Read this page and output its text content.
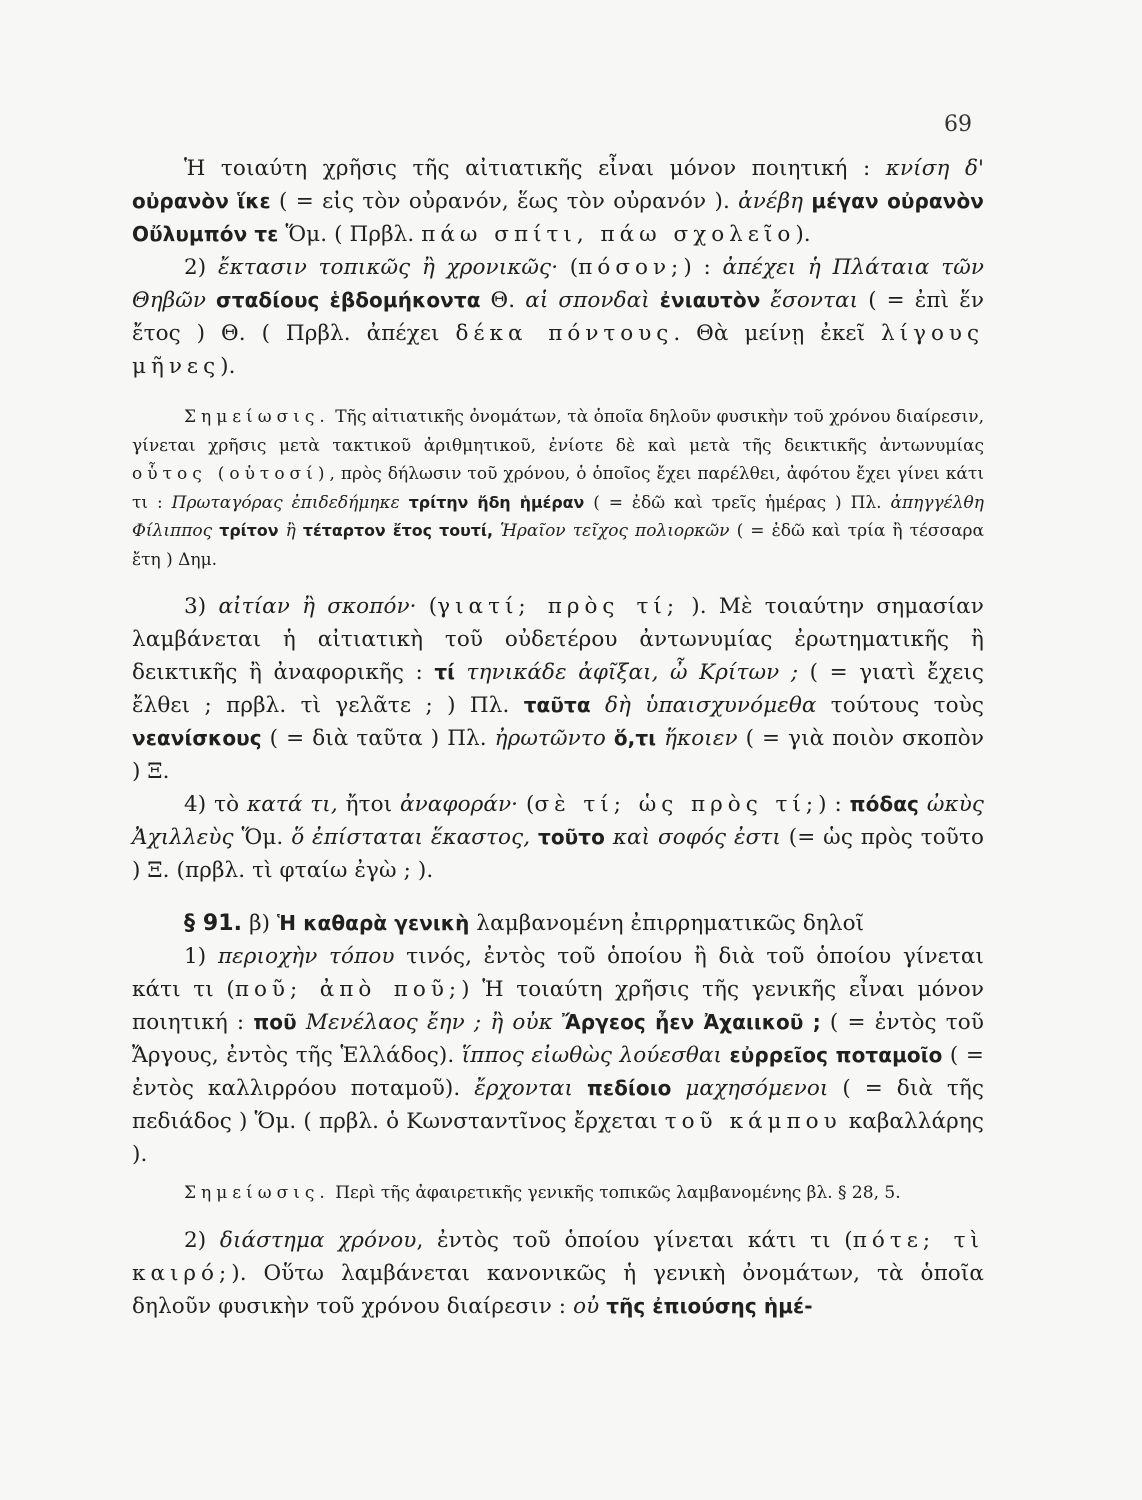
69

Ἡ τοιαύτη χρῆσις τῆς αἰτιατικῆς εἶναι μόνον ποιητική : κνίση δ' οὐρανὸν ἵκε ( = εἰς τὸν οὐρανόν, ἕως τὸν οὐρανόν ). ἀνέβη μέγαν οὐρανὸν Οὔλυμπόν τε Ὅμ. ( Πρβλ. πάω σπίτι, πάω σχολεῖο).

2) ἔκτασιν τοπικῶς ἢ χρονικῶς· (πόσον;) : ἀπέχει ἡ Πλάταια τῶν Θηβῶν σταδίους ἑβδομήκοντα Θ. αἱ σπονδαὶ ἐνιαυτὸν ἔσονται ( = ἐπὶ ἕν ἔτος ) Θ. ( Πρβλ. ἀπέχει δέκα πόντους. Θὰ μείνῃ ἐκεῖ λίγους μῆνες).

Σημείωσις. Τῆς αἰτιατικῆς ὀνομάτων, τὰ ὁποῖα δηλοῦν φυσικὴν τοῦ χρόνου διαίρεσιν, γίνεται χρῆσις μετὰ τακτικοῦ ἀριθμητικοῦ, ἐνίοτε δὲ καὶ μετὰ τῆς δεικτικῆς ἀντωνυμίας οὗτος (οὑτοσί), πρὸς δήλωσιν τοῦ χρόνου, ὁ ὁποῖος ἔχει παρέλθει, ἀφότου ἔχει γίνει κάτι τι : Πρωταγόρας ἐπιδεδήμηκε τρίτην ἤδη ἡμέραν ( = ἐδῶ καὶ τρεῖς ἡμέρας ) Πλ. ἀπηγγέλθη Φίλιππος τρίτον ἢ τέταρτον ἔτος τουτί, Ἡραῖον τεῖχος πολιορκῶν ( = ἐδῶ καὶ τρία ἢ τέσσαρα ἔτη ) Δημ.

3) αἰτίαν ἢ σκοπόν· (γιατί; πρὸς τί; ). Μὲ τοιαύτην σημασίαν λαμβάνεται ἡ αἰτιατικὴ τοῦ οὐδετέρου ἀντωνυμίας ἐρωτηματικῆς ἢ δεικτικῆς ἢ ἀναφορικῆς : τί τηνικάδε ἀφῖξαι, ὦ Κρίτων ; ( = γιατὶ ἔχεις ἔλθει ; πρβλ. τὶ γελᾶτε ; ) Πλ. ταῦτα δὴ ὑπαισχυνόμεθα τούτους τοὺς νεανίσκους ( = διὰ ταῦτα ) Πλ. ἠρωτῶντο ὅ,τι ἥκοιεν ( = γιὰ ποιὸν σκοπὸν ) Ξ.

4) τὸ κατά τι, ἤτοι ἀναφοράν· (σὲ τί; ὡς πρὸς τί;) : πόδας ὠκὺς Ἀχιλλεὺς Ὅμ. ὅ ἐπίσταται ἕκαστος, τοῦτο καὶ σοφός ἐστι (= ὡς πρὸς τοῦτο ) Ξ. (πρβλ. τὶ φταίω ἐγὼ ; ).

§ 91. β) Ἡ καθαρὰ γενικὴ λαμβανομένη ἐπιρρηματικῶς δηλοῖ

1) περιοχὴν τόπου τινός, ἐντὸς τοῦ ὁποίου ἢ διὰ τοῦ ὁποίου γίνεται κάτι τι (ποῦ; ἀπὸ ποῦ;) Ἡ τοιαύτη χρῆσις τῆς γενικῆς εἶναι μόνον ποιητική : ποῦ Μενέλαος ἔην ; ἢ οὐκ Ἄργεος ἦεν Ἀχαιικοῦ ; ( = ἐντὸς τοῦ Ἄργους, ἐντὸς τῆς Ἑλλάδος). ἵππος εἰωθὼς λούεσθαι εὐρρεῖος ποταμοῖο ( = ἐντὸς καλλιρρόου ποταμοῦ). ἔρχονται πεδίοιο μαχησόμενοι ( = διὰ τῆς πεδιάδος ) Ὅμ. ( πρβλ. ὁ Κωνσταντῖνος ἔρχεται τοῦ κάμπου καβαλλάρης ).

Σημείωσις. Περὶ τῆς ἀφαιρετικῆς γενικῆς τοπικῶς λαμβανομένης βλ. § 28, 5.

2) διάστημα χρόνου, ἐντὸς τοῦ ὁποίου γίνεται κάτι τι (πότε; τὶ καιρό;). Οὕτω λαμβάνεται κανονικῶς ἡ γενικὴ ὀνομάτων, τὰ ὁποῖα δηλοῦν φυσικὴν τοῦ χρόνου διαίρεσιν : οὐ τῆς ἐπιούσης ἡμέ-
